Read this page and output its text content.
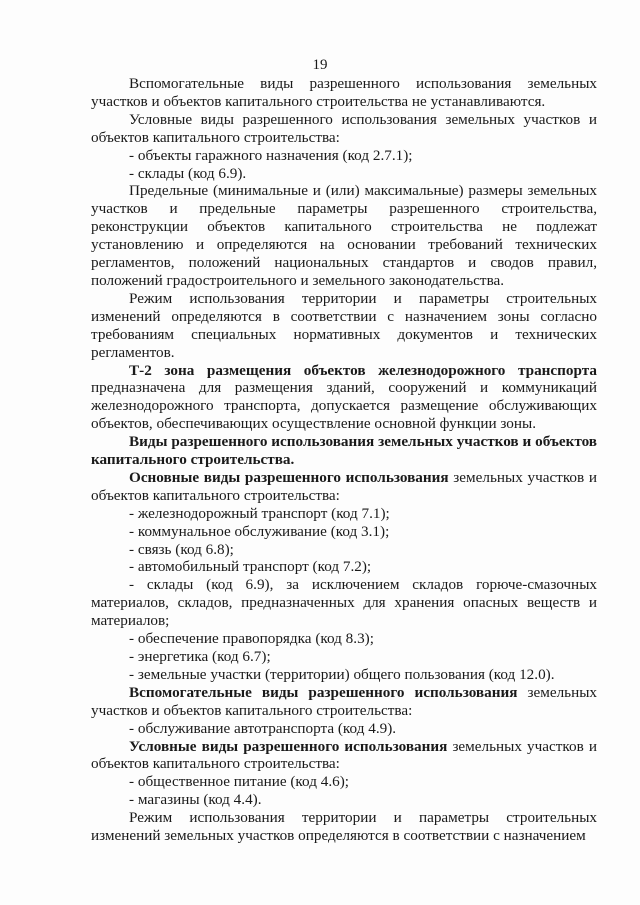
19

Вспомогательные виды разрешенного использования земельных участков и объектов капитального строительства не устанавливаются.

Условные виды разрешенного использования земельных участков и объектов капитального строительства:

- объекты гаражного назначения (код 2.7.1);

- склады (код 6.9).

Предельные (минимальные и (или) максимальные) размеры земельных участков и предельные параметры разрешенного строительства, реконструкции объектов капитального строительства не подлежат установлению и определяются на основании требований технических регламентов, положений национальных стандартов и сводов правил, положений градостроительного и земельного законодательства.

Режим использования территории и параметры строительных изменений определяются в соответствии с назначением зоны согласно требованиям специальных нормативных документов и технических регламентов.

Т-2 зона размещения объектов железнодорожного транспорта предназначена для размещения зданий, сооружений и коммуникаций железнодорожного транспорта, допускается размещение обслуживающих объектов, обеспечивающих осуществление основной функции зоны.

Виды разрешенного использования земельных участков и объектов капитального строительства.

Основные виды разрешенного использования земельных участков и объектов капитального строительства:

- железнодорожный транспорт (код 7.1);

- коммунальное обслуживание (код 3.1);

- связь (код 6.8);

- автомобильный транспорт (код 7.2);

- склады (код 6.9), за исключением складов горюче-смазочных материалов, складов, предназначенных для хранения опасных веществ и материалов;

- обеспечение правопорядка (код 8.3);

- энергетика (код 6.7);

- земельные участки (территории) общего пользования (код 12.0).

Вспомогательные виды разрешенного использования земельных участков и объектов капитального строительства:

- обслуживание автотранспорта (код 4.9).

Условные виды разрешенного использования земельных участков и объектов капитального строительства:

- общественное питание (код 4.6);

- магазины (код 4.4).

Режим использования территории и параметры строительных изменений земельных участков определяются в соответствии с назначением
